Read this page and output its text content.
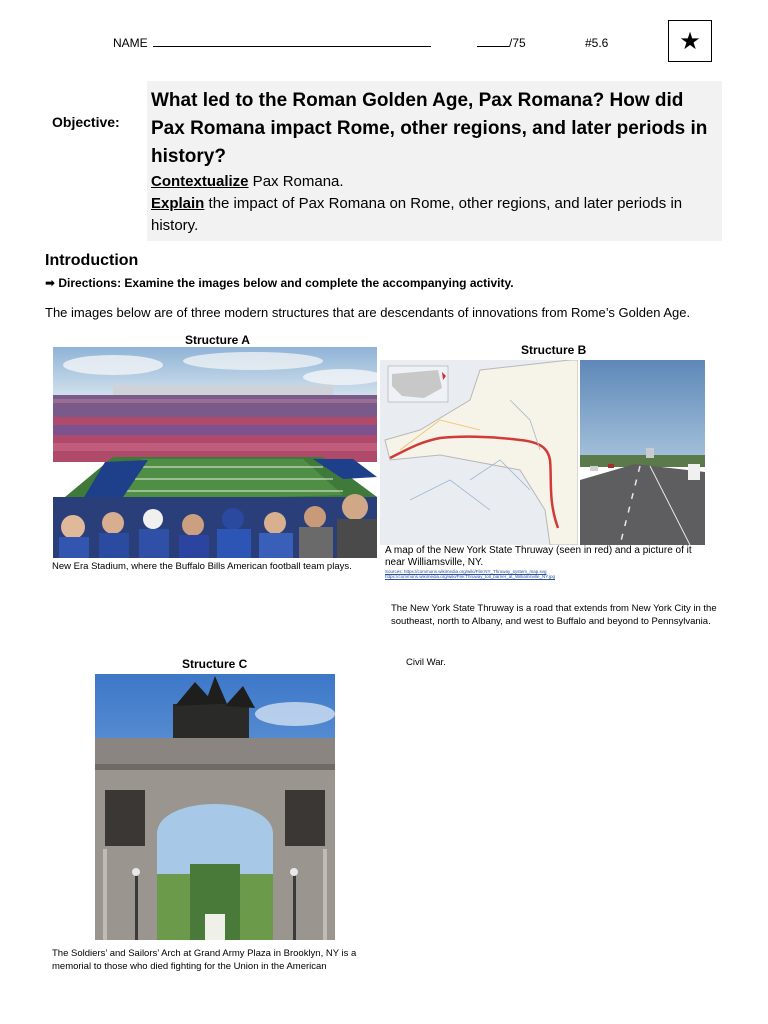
NAME	/75	#5.6	★
Objective:

What led to the Roman Golden Age, Pax Romana? How did Pax Romana impact Rome, other regions, and later periods in history?

Contextualize Pax Romana.

Explain the impact of Pax Romana on Rome, other regions, and later periods in history.

Introduction
➡ Directions: Examine the images below and complete the accompanying activity.
The images below are of three modern structures that are descendants of innovations from Rome’s Golden Age.
Structure A
New Era Stadium, where the Buffalo Bills American football team plays.
Structure B
A map of the New York State Thruway (seen in red) and a picture of it near Williamsville, NY.
Sources: https://commons.wikimedia.org/wiki/File:NY_Thruway_system_map.svg
https://commons.wikimedia.org/wiki/File:Thruway_toll_barrier_at_Williamsville_NY.jpg
The New York State Thruway is a road that extends from New York City in the southeast, north to Albany, and west to Buffalo and beyond to Pennsylvania.
Civil War.
Structure C
The Soldiers’ and Sailors’ Arch at Grand Army Plaza in Brooklyn, NY is a memorial to those who died fighting for the Union in the American
